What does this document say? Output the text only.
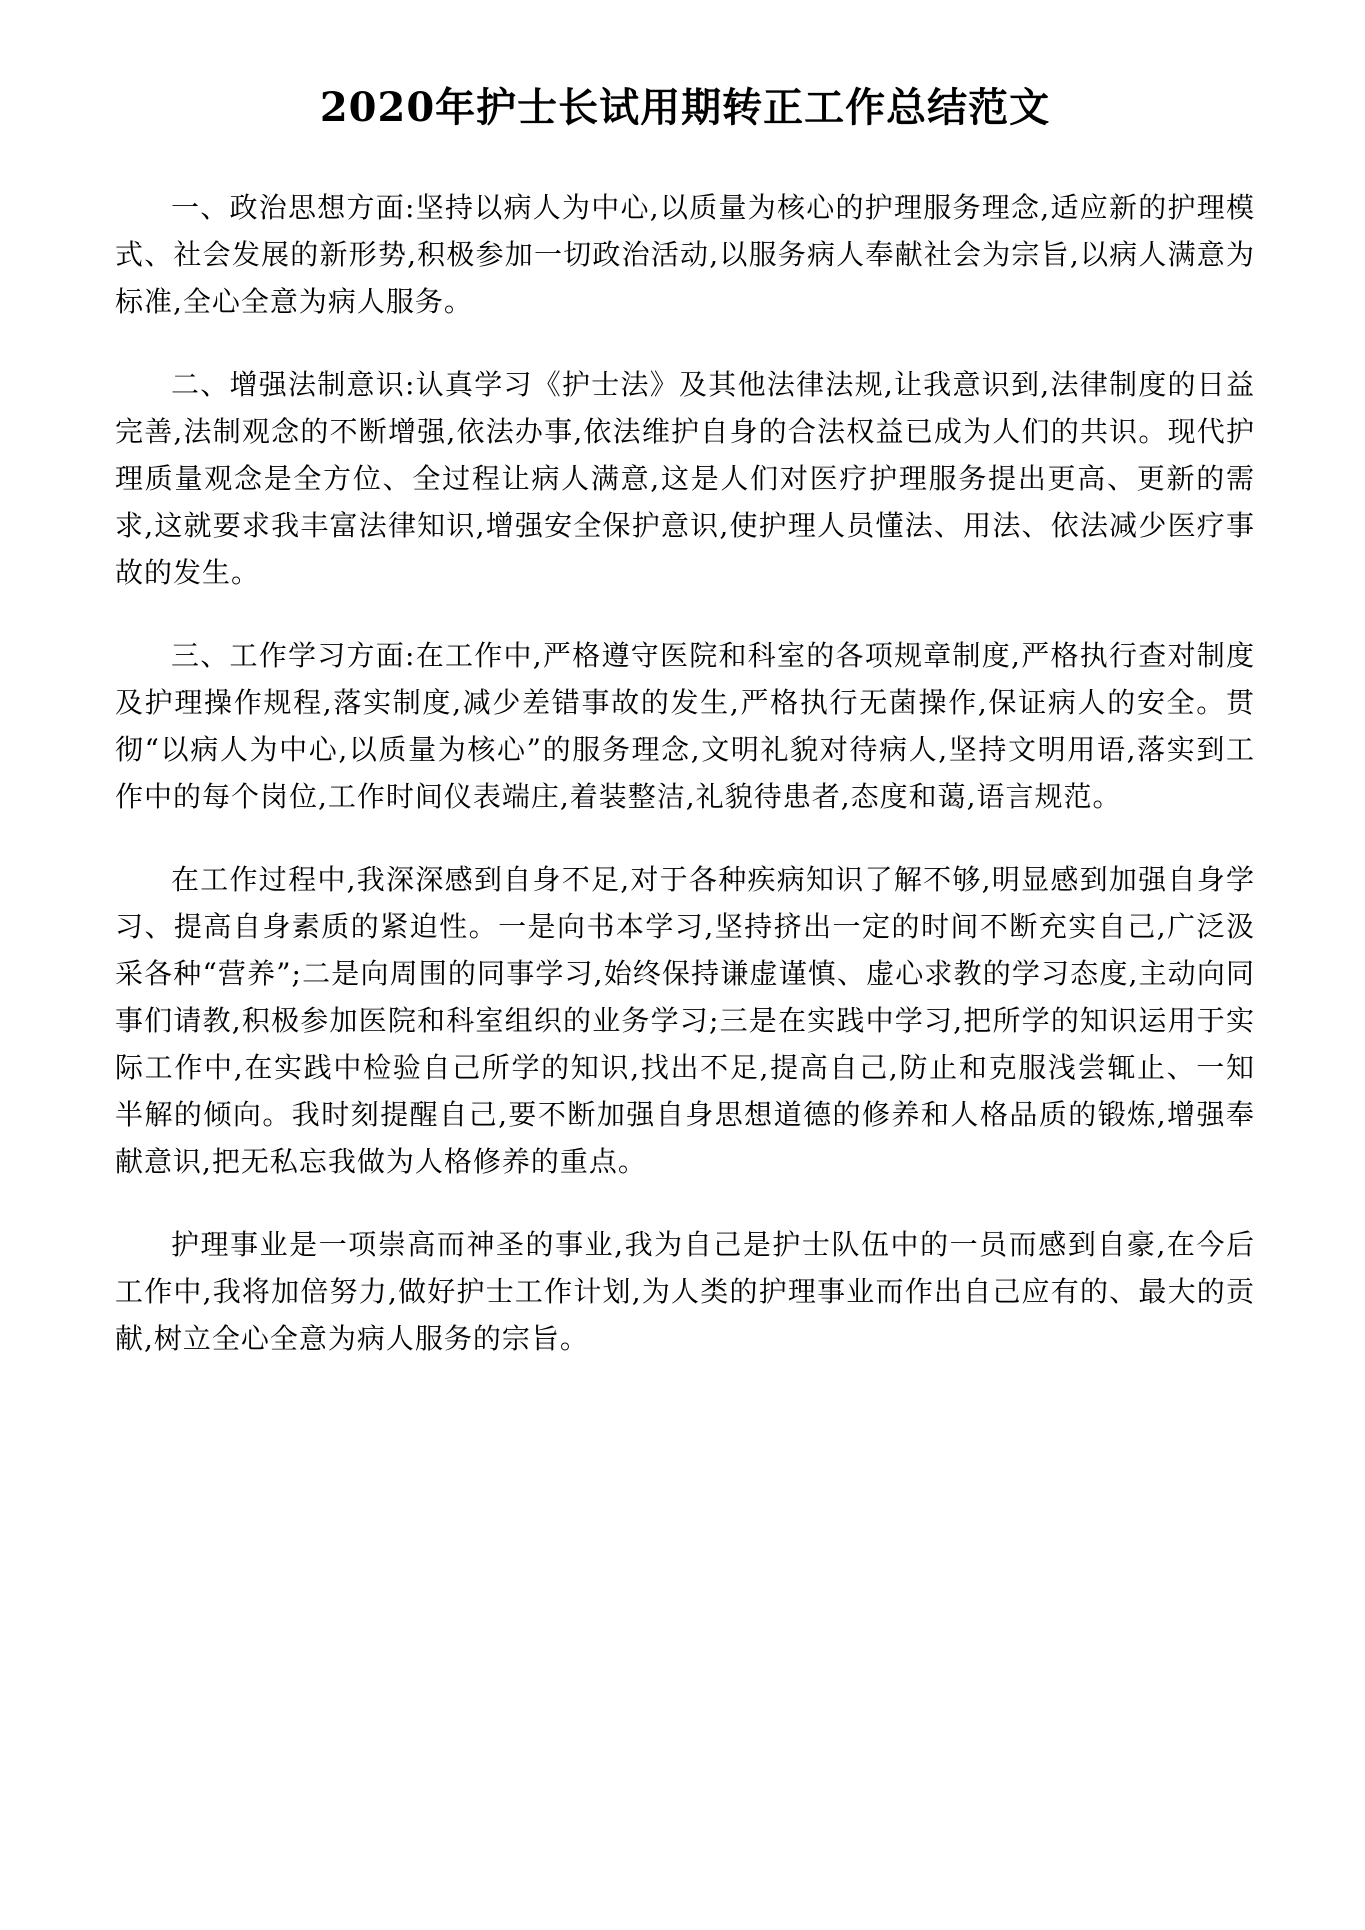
2020年护士长试用期转正工作总结范文

一、政治思想方面:坚持以病人为中心,以质量为核心的护理服务理念,适应新的护理模式、社会发展的新形势,积极参加一切政治活动,以服务病人奉献社会为宗旨,以病人满意为标准,全心全意为病人服务。

二、增强法制意识:认真学习《护士法》及其他法律法规,让我意识到,法律制度的日益完善,法制观念的不断增强,依法办事,依法维护自身的合法权益已成为人们的共识。现代护理质量观念是全方位、全过程让病人满意,这是人们对医疗护理服务提出更高、更新的需求,这就要求我丰富法律知识,增强安全保护意识,使护理人员懂法、用法、依法减少医疗事故的发生。

三、工作学习方面:在工作中,严格遵守医院和科室的各项规章制度,严格执行查对制度及护理操作规程,落实制度,减少差错事故的发生,严格执行无菌操作,保证病人的安全。贯彻“以病人为中心,以质量为核心”的服务理念,文明礼貌对待病人,坚持文明用语,落实到工作中的每个岗位,工作时间仪表端庄,着装整洁,礼貌待患者,态度和蔼,语言规范。

在工作过程中,我深深感到自身不足,对于各种疾病知识了解不够,明显感到加强自身学习、提高自身素质的紧迫性。一是向书本学习,坚持挤出一定的时间不断充实自己,广泛汲采各种“营养”;二是向周围的同事学习,始终保持谦虚谨慎、虚心求教的学习态度,主动向同事们请教,积极参加医院和科室组织的业务学习;三是在实践中学习,把所学的知识运用于实际工作中,在实践中检验自己所学的知识,找出不足,提高自己,防止和克服浅尝辄止、一知半解的倾向。我时刻提醒自己,要不断加强自身思想道德的修养和人格品质的锻炼,增强奉献意识,把无私忘我做为人格修养的重点。

护理事业是一项崇高而神圣的事业,我为自己是护士队伍中的一员而感到自豪,在今后工作中,我将加倍努力,做好护士工作计划,为人类的护理事业而作出自己应有的、最大的贡献,树立全心全意为病人服务的宗旨。
